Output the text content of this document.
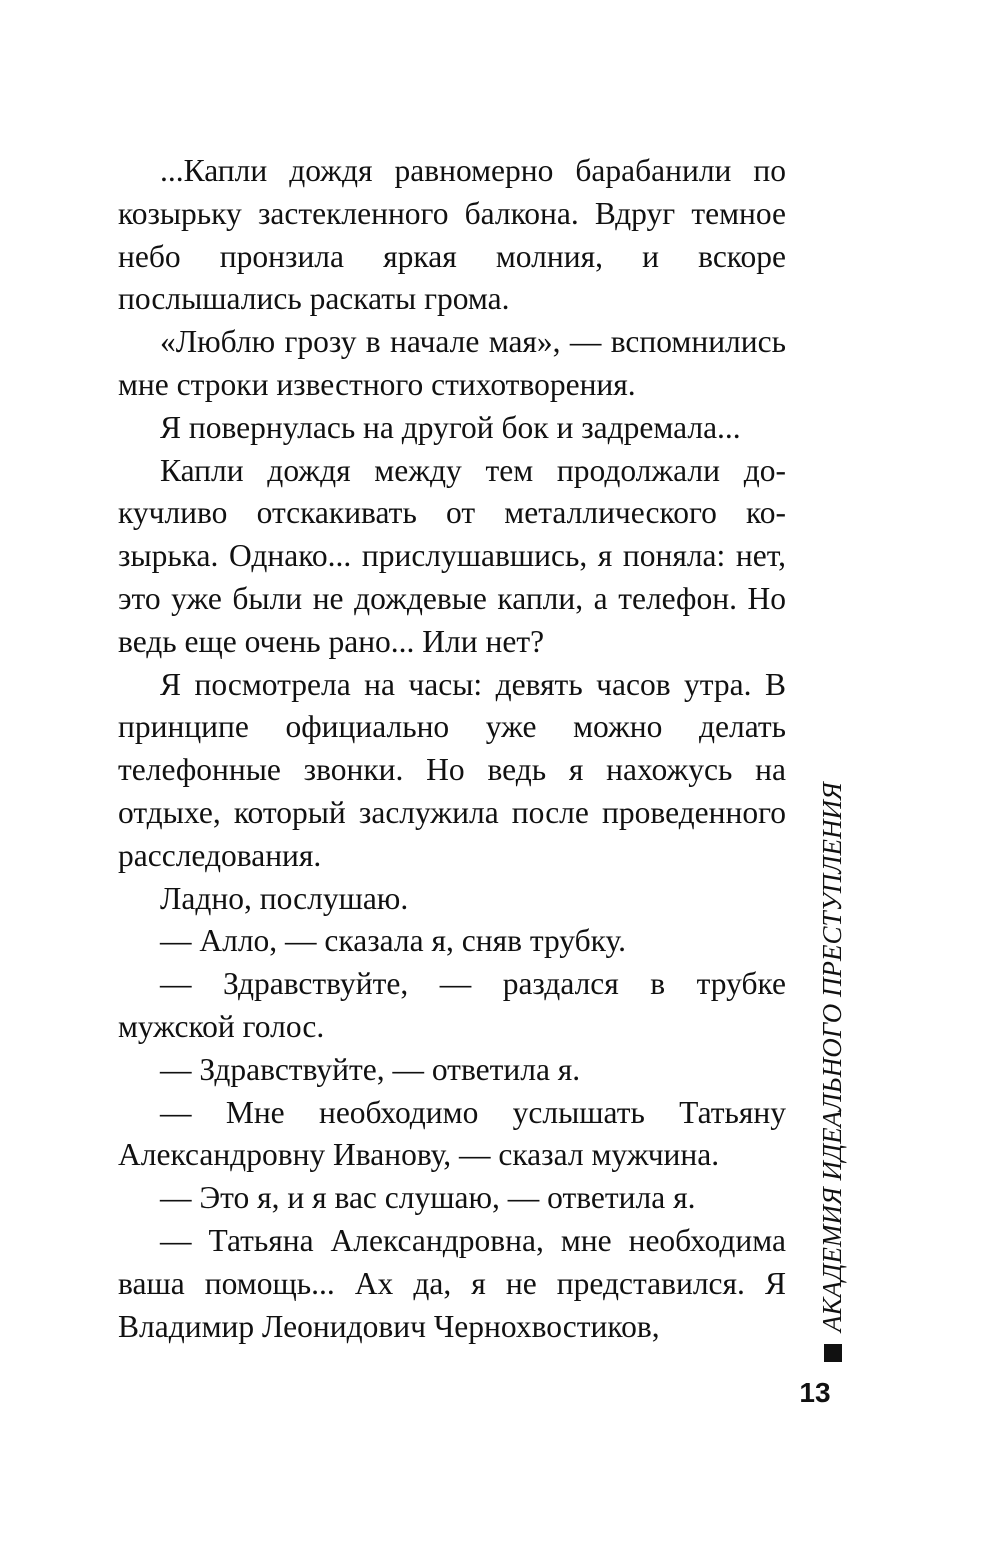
...Капли дождя равномерно барабанили по козырьку застекленного балкона. Вдруг темное небо пронзила яркая молния, и вскоре послышались раскаты грома.

«Люблю грозу в начале мая», — вспомнились мне строки известного стихотворения.

Я повернулась на другой бок и задремала...

Капли дождя между тем продолжали докучливо отскакивать от металлического козырька. Однако... прислушавшись, я поняла: нет, это уже были не дождевые капли, а телефон. Но ведь еще очень рано... Или нет?

Я посмотрела на часы: девять часов утра. В принципе официально уже можно делать телефонные звонки. Но ведь я нахожусь на отдыхе, который заслужила после проведенного расследования.

Ладно, послушаю.

— Алло, — сказала я, сняв трубку.

— Здравствуйте, — раздался в трубке мужской голос.

— Здравствуйте, — ответила я.

— Мне необходимо услышать Татьяну Александровну Иванову, — сказал мужчина.

— Это я, и я вас слушаю, — ответила я.

— Татьяна Александровна, мне необходима ваша помощь... Ах да, я не представился. Я Владимир Леонидович Чернохвостиков,	АКАДЕМИЯ ИДЕАЛЬНОГО ПРЕСТУПЛЕНИЯ
13
